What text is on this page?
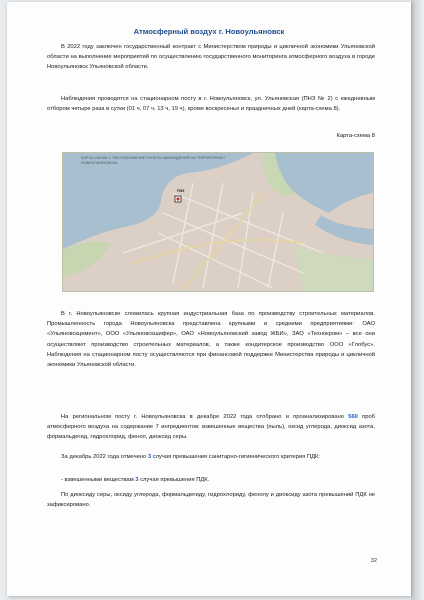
Атмосферный воздух г. Новоульяновск

В 2022 году заключен государственный контракт с Министерством природы и цикличной экономики Ульяновской области на выполнение мероприятий по осуществлению государственного мониторинга атмосферного воздуха в городе Новоульяновск Ульяновской области.

Наблюдения проводятся на стационарном посту в г. Новоульяновск, ул. Ульяновская (ПНЗ № 2) с ежедневным отбором четыре раза в сутки (01 ч, 07 ч, 13 ч, 19 ч), кроме воскресенья и праздничных дней (карта-схема 8).

Карта-схема 8
КАРТА-СХЕМА 1. РАСПОЛОЖЕНИЕ ПУНКТА НАБЛЮДЕНИЯ НА ТЕРРИТОРИИ Г. НОВОУЛЬЯНОВСКА
ПНЗ

В г. Новоульяновске сложилась крупная индустриальная база по производству строительных материалов. Промышленность города Новоульяновска представлена крупными и средними предприятиями: ОАО «Ульяновскцемент», ООО «Ульяновскшифер», ОАО «Новоульяновский завод ЖБИ», ЗАО «Технокром» – все они осуществляют производство строительных материалов, а также кондитерское производство ООО «Глобус». Наблюдения на стационарном посту осуществляются при финансовой поддержке Министерства природы и цикличной экономики Ульяновской области.

На региональном посту г. Новоульяновска в декабре 2022 года отобрано и проанализировано 560 проб атмосферного воздуха на содержание 7 ингредиентов: взвешенные вещества (пыль), оксид углерода, диоксид азота, формальдегид, гидрохлорид, фенол, диоксид серы.

За декабрь 2022 года отмечено 3 случая превышения санитарно-гигиенического критерия ПДК:

- взвешенными веществам 3 случая превышения ПДК.

По диоксиду серы, оксиду углерода, формальдегиду, гидрохлориду, фенолу и диоксиду азота превышений ПДК не зафиксировано.

32
